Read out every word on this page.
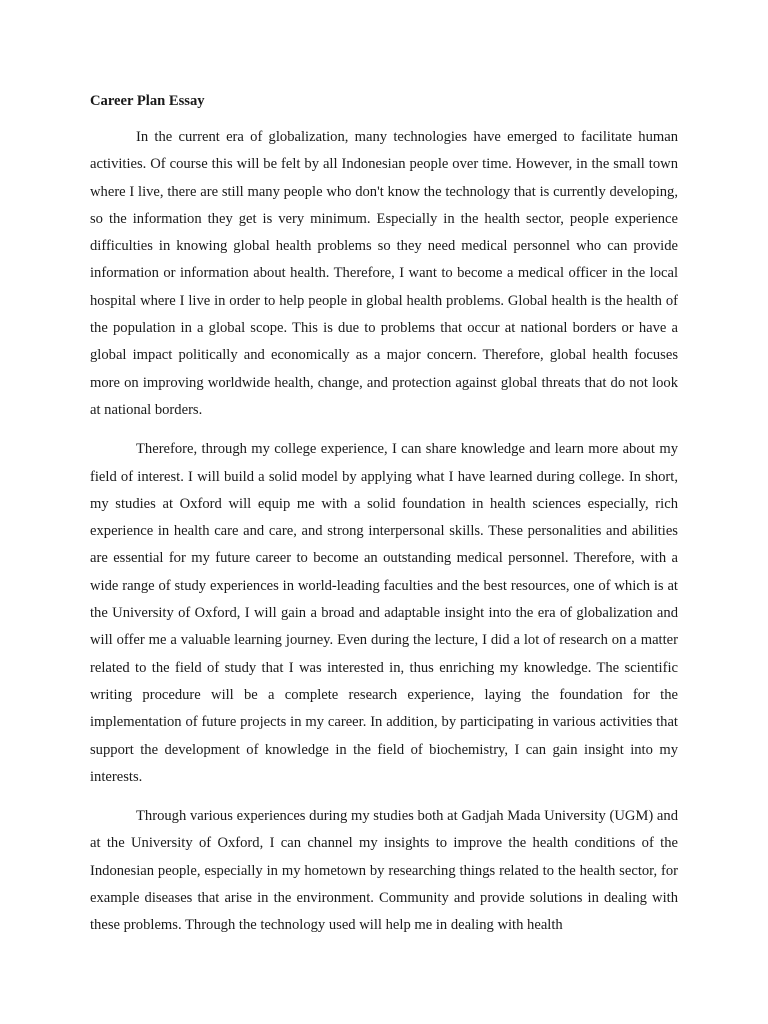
Career Plan Essay

In the current era of globalization, many technologies have emerged to facilitate human activities. Of course this will be felt by all Indonesian people over time. However, in the small town where I live, there are still many people who don't know the technology that is currently developing, so the information they get is very minimum. Especially in the health sector, people experience difficulties in knowing global health problems so they need medical personnel who can provide information or information about health. Therefore, I want to become a medical officer in the local hospital where I live in order to help people in global health problems. Global health is the health of the population in a global scope. This is due to problems that occur at national borders or have a global impact politically and economically as a major concern. Therefore, global health focuses more on improving worldwide health, change, and protection against global threats that do not look at national borders.

Therefore, through my college experience, I can share knowledge and learn more about my field of interest. I will build a solid model by applying what I have learned during college. In short, my studies at Oxford will equip me with a solid foundation in health sciences especially, rich experience in health care and care, and strong interpersonal skills. These personalities and abilities are essential for my future career to become an outstanding medical personnel. Therefore, with a wide range of study experiences in world-leading faculties and the best resources, one of which is at the University of Oxford, I will gain a broad and adaptable insight into the era of globalization and will offer me a valuable learning journey. Even during the lecture, I did a lot of research on a matter related to the field of study that I was interested in, thus enriching my knowledge. The scientific writing procedure will be a complete research experience, laying the foundation for the implementation of future projects in my career. In addition, by participating in various activities that support the development of knowledge in the field of biochemistry, I can gain insight into my interests.

Through various experiences during my studies both at Gadjah Mada University (UGM) and at the University of Oxford, I can channel my insights to improve the health conditions of the Indonesian people, especially in my hometown by researching things related to the health sector, for example diseases that arise in the environment. Community and provide solutions in dealing with these problems. Through the technology used will help me in dealing with health
